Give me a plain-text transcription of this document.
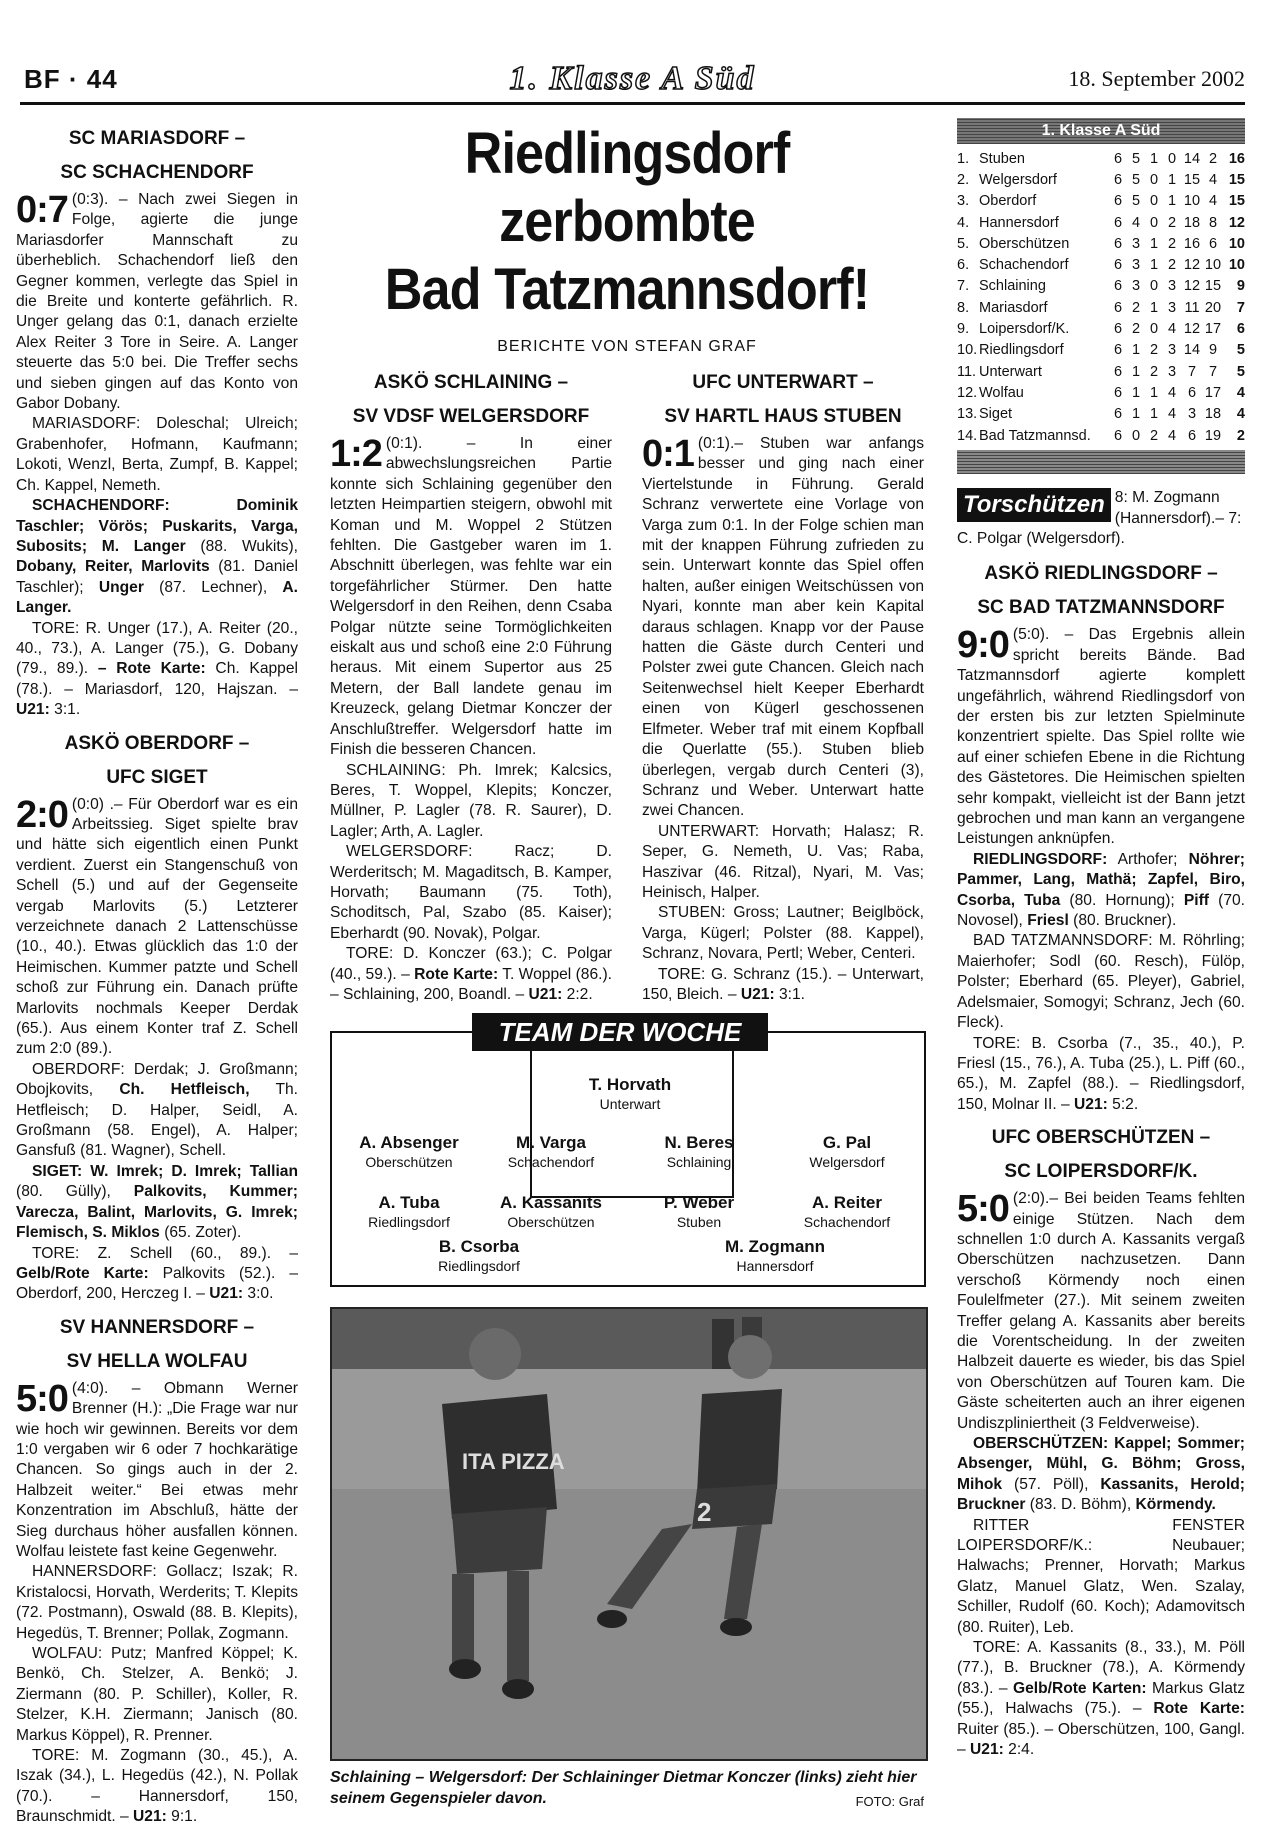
BF · 44	1. Klasse A Süd	18. September 2002
SC MARIASDORF –
SC SCHACHENDORF
0:7 (0:3). – Nach zwei Siegen in Folge, agierte die junge Mariasdorfer Mannschaft zu überheblich. Schachendorf ließ den Gegner kommen, verlegte das Spiel in die Breite und konterte gefährlich. R. Unger gelang das 0:1, danach erzielte Alex Reiter 3 Tore in Seire. A. Langer steuerte das 5:0 bei. Die Treffer sechs und sieben gingen auf das Konto von Gabor Dobany.

MARIASDORF: Doleschal; Ulreich; Grabenhofer, Hofmann, Kaufmann; Lokoti, Wenzl, Berta, Zumpf, B. Kappel; Ch. Kappel, Nemeth.

SCHACHENDORF: Dominik Taschler; Vörös; Puskarits, Varga, Subosits; M. Langer (88. Wukits), Dobany, Reiter, Marlovits (81. Daniel Taschler); Unger (87. Lechner), A. Langer.

TORE: R. Unger (17.), A. Reiter (20., 40., 73.), A. Langer (75.), G. Dobany (79., 89.). – Rote Karte: Ch. Kappel (78.). – Mariasdorf, 120, Hajszan. – U21: 3:1.

ASKÖ OBERDORF –
UFC SIGET
2:0 (0:0) .– Für Oberdorf war es ein Arbeitssieg. Siget spielte brav und hätte sich eigentlich einen Punkt verdient. Zuerst ein Stangenschuß von Schell (5.) und auf der Gegenseite vergab Marlovits (5.) Letzterer verzeichnete danach 2 Lattenschüsse (10., 40.). Etwas glücklich das 1:0 der Heimischen. Kummer patzte und Schell schoß zur Führung ein. Danach prüfte Marlovits nochmals Keeper Derdak (65.). Aus einem Konter traf Z. Schell zum 2:0 (89.).

OBERDORF: Derdak; J. Großmann; Obojkovits, Ch. Hetfleisch, Th. Hetfleisch; D. Halper, Seidl, A. Großmann (58. Engel), A. Halper; Gansfuß (81. Wagner), Schell.

SIGET: W. Imrek; D. Imrek; Tallian (80. Gülly), Palkovits, Kummer; Varecza, Balint, Marlovits, G. Imrek; Flemisch, S. Miklos (65. Zoter).

TORE: Z. Schell (60., 89.). – Gelb/Rote Karte: Palkovits (52.). – Oberdorf, 200, Herczeg I. – U21: 3:0.

SV HANNERSDORF –
SV HELLA WOLFAU
5:0 (4:0). – Obmann Werner Brenner (H.): „Die Frage war nur wie hoch wir gewinnen. Bereits vor dem 1:0 vergaben wir 6 oder 7 hochkarätige Chancen. So gings auch in der 2. Halbzeit weiter.“ Bei etwas mehr Konzentration im Abschluß, hätte der Sieg durchaus höher ausfallen können. Wolfau leistete fast keine Gegenwehr.

HANNERSDORF: Gollacz; Iszak; R. Kristalocsi, Horvath, Werderits; T. Klepits (72. Postmann), Oswald (88. B. Klepits), Hegedüs, T. Brenner; Pollak, Zogmann.

WOLFAU: Putz; Manfred Köppel; K. Benkö, Ch. Stelzer, A. Benkö; J. Ziermann (80. P. Schiller), Koller, R. Stelzer, K.H. Ziermann; Janisch (80. Markus Köppel), R. Prenner.

TORE: M. Zogmann (30., 45.), A. Iszak (34.), L. Hegedüs (42.), N. Pollak (70.). – Hannersdorf, 150, Braunschmidt. – U21: 9:1.

Riedlingsdorf zerbombte
Bad Tatzmannsdorf!
BERICHTE VON STEFAN GRAF
ASKÖ SCHLAINING –
SV VDSF WELGERSDORF
1:2 (0:1). – In einer abwechslungsreichen Partie konnte sich Schlaining gegenüber den letzten Heimpartien steigern, obwohl mit Koman und M. Woppel 2 Stützen fehlten. Die Gastgeber waren im 1. Abschnitt überlegen, was fehlte war ein torgefährlicher Stürmer. Den hatte Welgersdorf in den Reihen, denn Csaba Polgar nützte seine Tormöglichkeiten eiskalt aus und schoß eine 2:0 Führung heraus. Mit einem Supertor aus 25 Metern, der Ball landete genau im Kreuzeck, gelang Dietmar Konczer der Anschlußtreffer. Welgersdorf hatte im Finish die besseren Chancen.

SCHLAINING: Ph. Imrek; Kalcsics, Beres, T. Woppel, Klepits; Konczer, Müllner, P. Lagler (78. R. Saurer), D. Lagler; Arth, A. Lagler.

WELGERSDORF: Racz; D. Werderitsch; M. Magaditsch, B. Kamper, Horvath; Baumann (75. Toth), Schoditsch, Pal, Szabo (85. Kaiser); Eberhardt (90. Novak), Polgar.

TORE: D. Konczer (63.); C. Polgar (40., 59.). – Rote Karte: T. Woppel (86.). – Schlaining, 200, Boandl. – U21: 2:2.

UFC UNTERWART –
SV HARTL HAUS STUBEN
0:1 (0:1).– Stuben war anfangs besser und ging nach einer Viertelstunde in Führung. Gerald Schranz verwertete eine Vorlage von Varga zum 0:1. In der Folge schien man mit der knappen Führung zufrieden zu sein. Unterwart konnte das Spiel offen halten, außer einigen Weitschüssen von Nyari, konnte man aber kein Kapital daraus schlagen. Knapp vor der Pause hatten die Gäste durch Centeri und Polster zwei gute Chancen. Gleich nach Seitenwechsel hielt Keeper Eberhardt einen von Kügerl geschossenen Elfmeter. Weber traf mit einem Kopfball die Querlatte (55.). Stuben blieb überlegen, vergab durch Centeri (3), Schranz und Weber. Unterwart hatte zwei Chancen.

UNTERWART: Horvath; Halasz; R. Seper, G. Nemeth, U. Vas; Raba, Haszivar (46. Ritzal), Nyari, M. Vas; Heinisch, Halper.

STUBEN: Gross; Lautner; Beiglböck, Varga, Kügerl; Polster (88. Kappel), Schranz, Novara, Pertl; Weber, Centeri.

TORE: G. Schranz (15.). – Unterwart, 150, Bleich. – U21: 3:1.

TEAM DER WOCHE
T. Horvath
Unterwart
A. Absenger
Oberschützen
M. Varga
Schachendorf
N. Beres
Schlaining
G. Pal
Welgersdorf
A. Tuba
Riedlingsdorf
A. Kassanits
Oberschützen
P. Weber
Stuben
A. Reiter
Schachendorf
B. Csorba
Riedlingsdorf
M. Zogmann
Hannersdorf
ITA PIZZA
2
Schlaining – Welgersdorf: Der Schlaininger Dietmar Konczer (links) zieht hier seinem Gegenspieler davon.	FOTO: Graf
1. Klasse A Süd
1.	Stuben	6	5	1	0	14	2	16
2.	Welgersdorf	6	5	0	1	15	4	15
3.	Oberdorf	6	5	0	1	10	4	15
4.	Hannersdorf	6	4	0	2	18	8	12
5.	Oberschützen	6	3	1	2	16	6	10
6.	Schachendorf	6	3	1	2	12	10	10
7.	Schlaining	6	3	0	3	12	15	9
8.	Mariasdorf	6	2	1	3	11	20	7
9.	Loipersdorf/K.	6	2	0	4	12	17	6
10.	Riedlingsdorf	6	1	2	3	14	9	5
11.	Unterwart	6	1	2	3	7	7	5
12.	Wolfau	6	1	1	4	6	17	4
13.	Siget	6	1	1	4	3	18	4
14.	Bad Tatzmannsd.	6	0	2	4	6	19	2
Torschützen 8: M. Zogmann (Hannersdorf).– 7: C. Polgar (Welgersdorf).
ASKÖ RIEDLINGSDORF –
SC BAD TATZMANNSDORF
9:0 (5:0). – Das Ergebnis allein spricht bereits Bände. Bad Tatzmannsdorf agierte komplett ungefährlich, während Riedlingsdorf von der ersten bis zur letzten Spielminute konzentriert spielte. Das Spiel rollte wie auf einer schiefen Ebene in die Richtung des Gästetores. Die Heimischen spielten sehr kompakt, vielleicht ist der Bann jetzt gebrochen und man kann an vergangene Leistungen anknüpfen.

RIEDLINGSDORF: Arthofer; Nöhrer; Pammer, Lang, Mathä; Zapfel, Biro, Csorba, Tuba (80. Hornung); Piff (70. Novosel), Friesl (80. Bruckner).

BAD TATZMANNSDORF: M. Röhrling; Maierhofer; Sodl (60. Resch), Fülöp, Polster; Eberhard (65. Pleyer), Gabriel, Adelsmaier, Somogyi; Schranz, Jech (60. Fleck).

TORE: B. Csorba (7., 35., 40.), P. Friesl (15., 76.), A. Tuba (25.), L. Piff (60., 65.), M. Zapfel (88.). – Riedlingsdorf, 150, Molnar II. – U21: 5:2.

UFC OBERSCHÜTZEN –
SC LOIPERSDORF/K.
5:0 (2:0).– Bei beiden Teams fehlten einige Stützen. Nach dem schnellen 1:0 durch A. Kassanits vergaß Oberschützen nachzusetzen. Dann verschoß Körmendy noch einen Foulelfmeter (27.). Mit seinem zweiten Treffer gelang A. Kassanits aber bereits die Vorentscheidung. In der zweiten Halbzeit dauerte es wieder, bis das Spiel von Oberschützen auf Touren kam. Die Gäste scheiterten auch an ihrer eigenen Undiszpliniertheit (3 Feldverweise).

OBERSCHÜTZEN: Kappel; Sommer; Absenger, Mühl, G. Böhm; Gross, Mihok (57. Pöll), Kassanits, Herold; Bruckner (83. D. Böhm), Körmendy.

RITTER FENSTER LOIPERSDORF/K.: Neubauer; Halwachs; Prenner, Horvath; Markus Glatz, Manuel Glatz, Wen. Szalay, Schiller, Rudolf (60. Koch); Adamovitsch (80. Ruiter), Leb.

TORE: A. Kassanits (8., 33.), M. Pöll (77.), B. Bruckner (78.), A. Körmendy (83.). – Gelb/Rote Karten: Markus Glatz (55.), Halwachs (75.). – Rote Karte: Ruiter (85.). – Oberschützen, 100, Gangl. – U21: 2:4.
